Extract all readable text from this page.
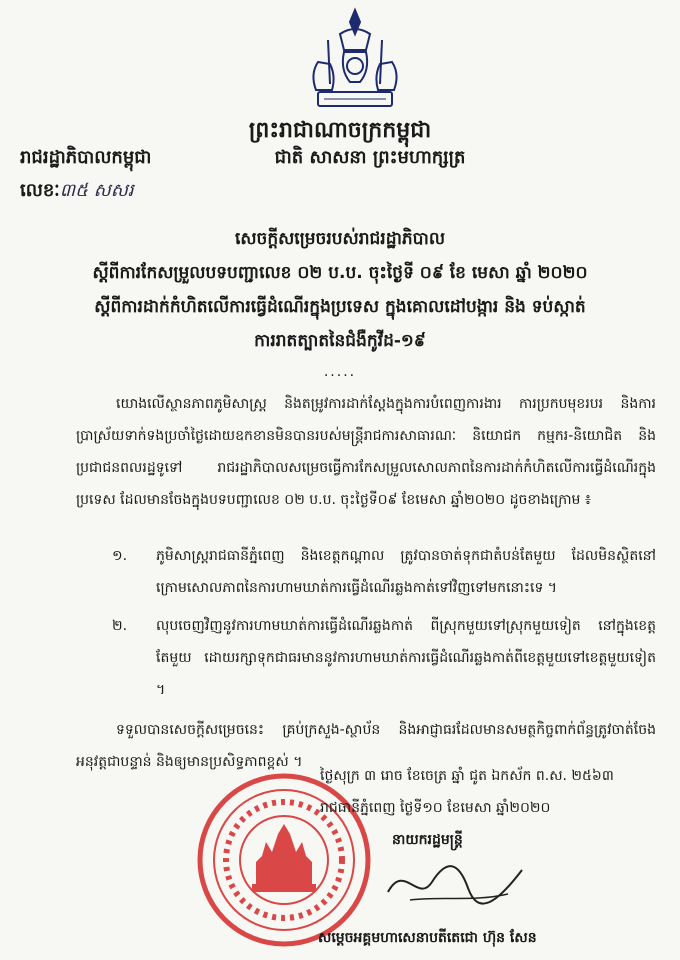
ព្រះរាជាណាចក្រកម្ពុជា
រាជរដ្ឋាភិបាលកម្ពុជា	ជាតិ សាសនា ព្រះមហាក្សត្រ
លេខៈ៣៥ សសរ
សេចក្តីសម្រេចរបស់រាជរដ្ឋាភិបាល
ស្តីពីការកែសម្រួលបទបញ្ជាលេខ ០២ ប.ប. ចុះថ្ងៃទី ០៩ ខែ មេសា ឆ្នាំ ២០២០
ស្តីពីការដាក់កំហិតលើការធ្វើដំណើរក្នុងប្រទេស ក្នុងគោលដៅបង្ការ និង ទប់ស្កាត់
ការរាតត្បាតនៃជំងឺកូវីដ-១៩
.....
យោងលើស្ថានភាពភូមិសាស្ត្រ និងតម្រូវការដាក់ស្តែងក្នុងការបំពេញការងារ ការប្រកបមុខរបរ និងការប្រាស្រ័យទាក់ទងប្រចាំថ្ងៃដោយឧកខានមិនបានរបស់មន្ត្រីរាជការសាធារណៈ និយោជក កម្មករ-និយោជិត និងប្រជាជនពលរដ្ឋទូទៅ រាជរដ្ឋាភិបាលសម្រេចធ្វើការកែសម្រួលសោលភាពនៃការដាក់កំហិតលើការធ្វើដំណើរក្នុងប្រទេស ដែលមានចែងក្នុងបទបញ្ជាលេខ ០២ ប.ប. ចុះថ្ងៃទី០៩ ខែមេសា ឆ្នាំ២០២០ ដូចខាងក្រោម ៖
១. ភូមិសាស្ត្ររាជធានីភ្នំពេញ និងខេត្តកណ្តាល ត្រូវបានចាត់ទុកជាតំបន់តែមួយ ដែលមិនស្ថិតនៅក្រោមសោលភាពនៃការហាមឃាត់ការធ្វើដំណើរឆ្លងកាត់ទៅវិញទៅមកនោះទេ ។
២. លុបចេញវិញនូវការហាមឃាត់ការធ្វើដំណើរឆ្លងកាត់ ពីស្រុកមួយទៅស្រុកមួយទៀត នៅក្នុងខេត្តតែមួយ ដោយរក្សាទុកជាធរមាននូវការហាមឃាត់ការធ្វើដំណើរឆ្លងកាត់ពីខេត្តមួយទៅខេត្តមួយទៀត ។
ទទួលបានសេចក្តីសម្រេចនេះ គ្រប់ក្រសួង-ស្ថាប័ន និងអាជ្ញាធរដែលមានសមត្ថកិច្ចពាក់ព័ន្ធត្រូវចាត់ចែងអនុវត្តជាបន្ទាន់ និងឲ្យមានប្រសិទ្ធភាពខ្ពស់ ។
ថ្ងៃសុក្រ ៣ រោច ខែចេត្រ ឆ្នាំ ជូត ឯកស័ក ព.ស. ២៥៦៣
រាជធានីភ្នំពេញ ថ្ងៃទី១០ ខែមេសា ឆ្នាំ២០២០
នាយករដ្ឋមន្ត្រី
សម្តេចអគ្គមហាសេនាបតីតេជោ ហ៊ុន សែន
